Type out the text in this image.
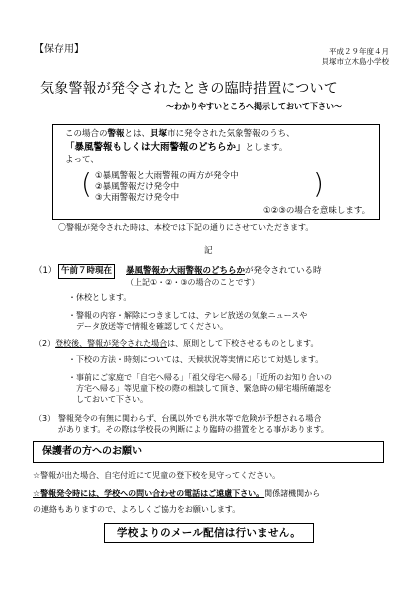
【保存用】	平成２９年度４月
貝塚市立木島小学校
気象警報が発令されたときの臨時措置について
〜わかりやすいところへ掲示しておいて下さい〜
この場合の警報とは、貝塚市に発令された気象警報のうち、
「暴風警報もしくは大雨警報のどちらか」とします。
よって、
(	)
①暴風警報と大雨警報の両方が発令中
②暴風警報だけ発令中
③大雨警報だけ発令中
①②③の場合を意味します。
〇警報が発令された時は、本校では下記の通りにさせていただきます。
記
（1） 午前７時現在	暴風警報か大雨警報のどちらかが発令されている時
（上記①・②・③の場合のことです）
・休校とします。
・警報の内容・解除につきましては、テレビ放送の気象ニュースや
　データ放送等で情報を確認してください。
（2）登校後、警報が発令された場合は、原則として下校させるものとします。
・下校の方法・時刻については、天候状況等実情に応じて対処します。
・事前にご家庭で「自宅へ帰る」「祖父母宅へ帰る」「近所のお知り合いの
　方宅へ帰る」等児童下校の際の相談して頂き、緊急時の帰宅場所確認を
　しておいて下さい。
（3） 警報発令の有無に関わらず、台風以外でも洪水等で危険が予想される場合
があります。その際は学校長の判断により臨時の措置をとる事があります。
保護者の方へのお願い
☆警報が出た場合、自宅付近にて児童の登下校を見守ってください。
☆警報発令時には、学校への問い合わせの電話はご遠慮下さい。関係諸機関から
の連絡もありますので、よろしくご協力をお願いします。
学校よりのメール配信は行いません。
